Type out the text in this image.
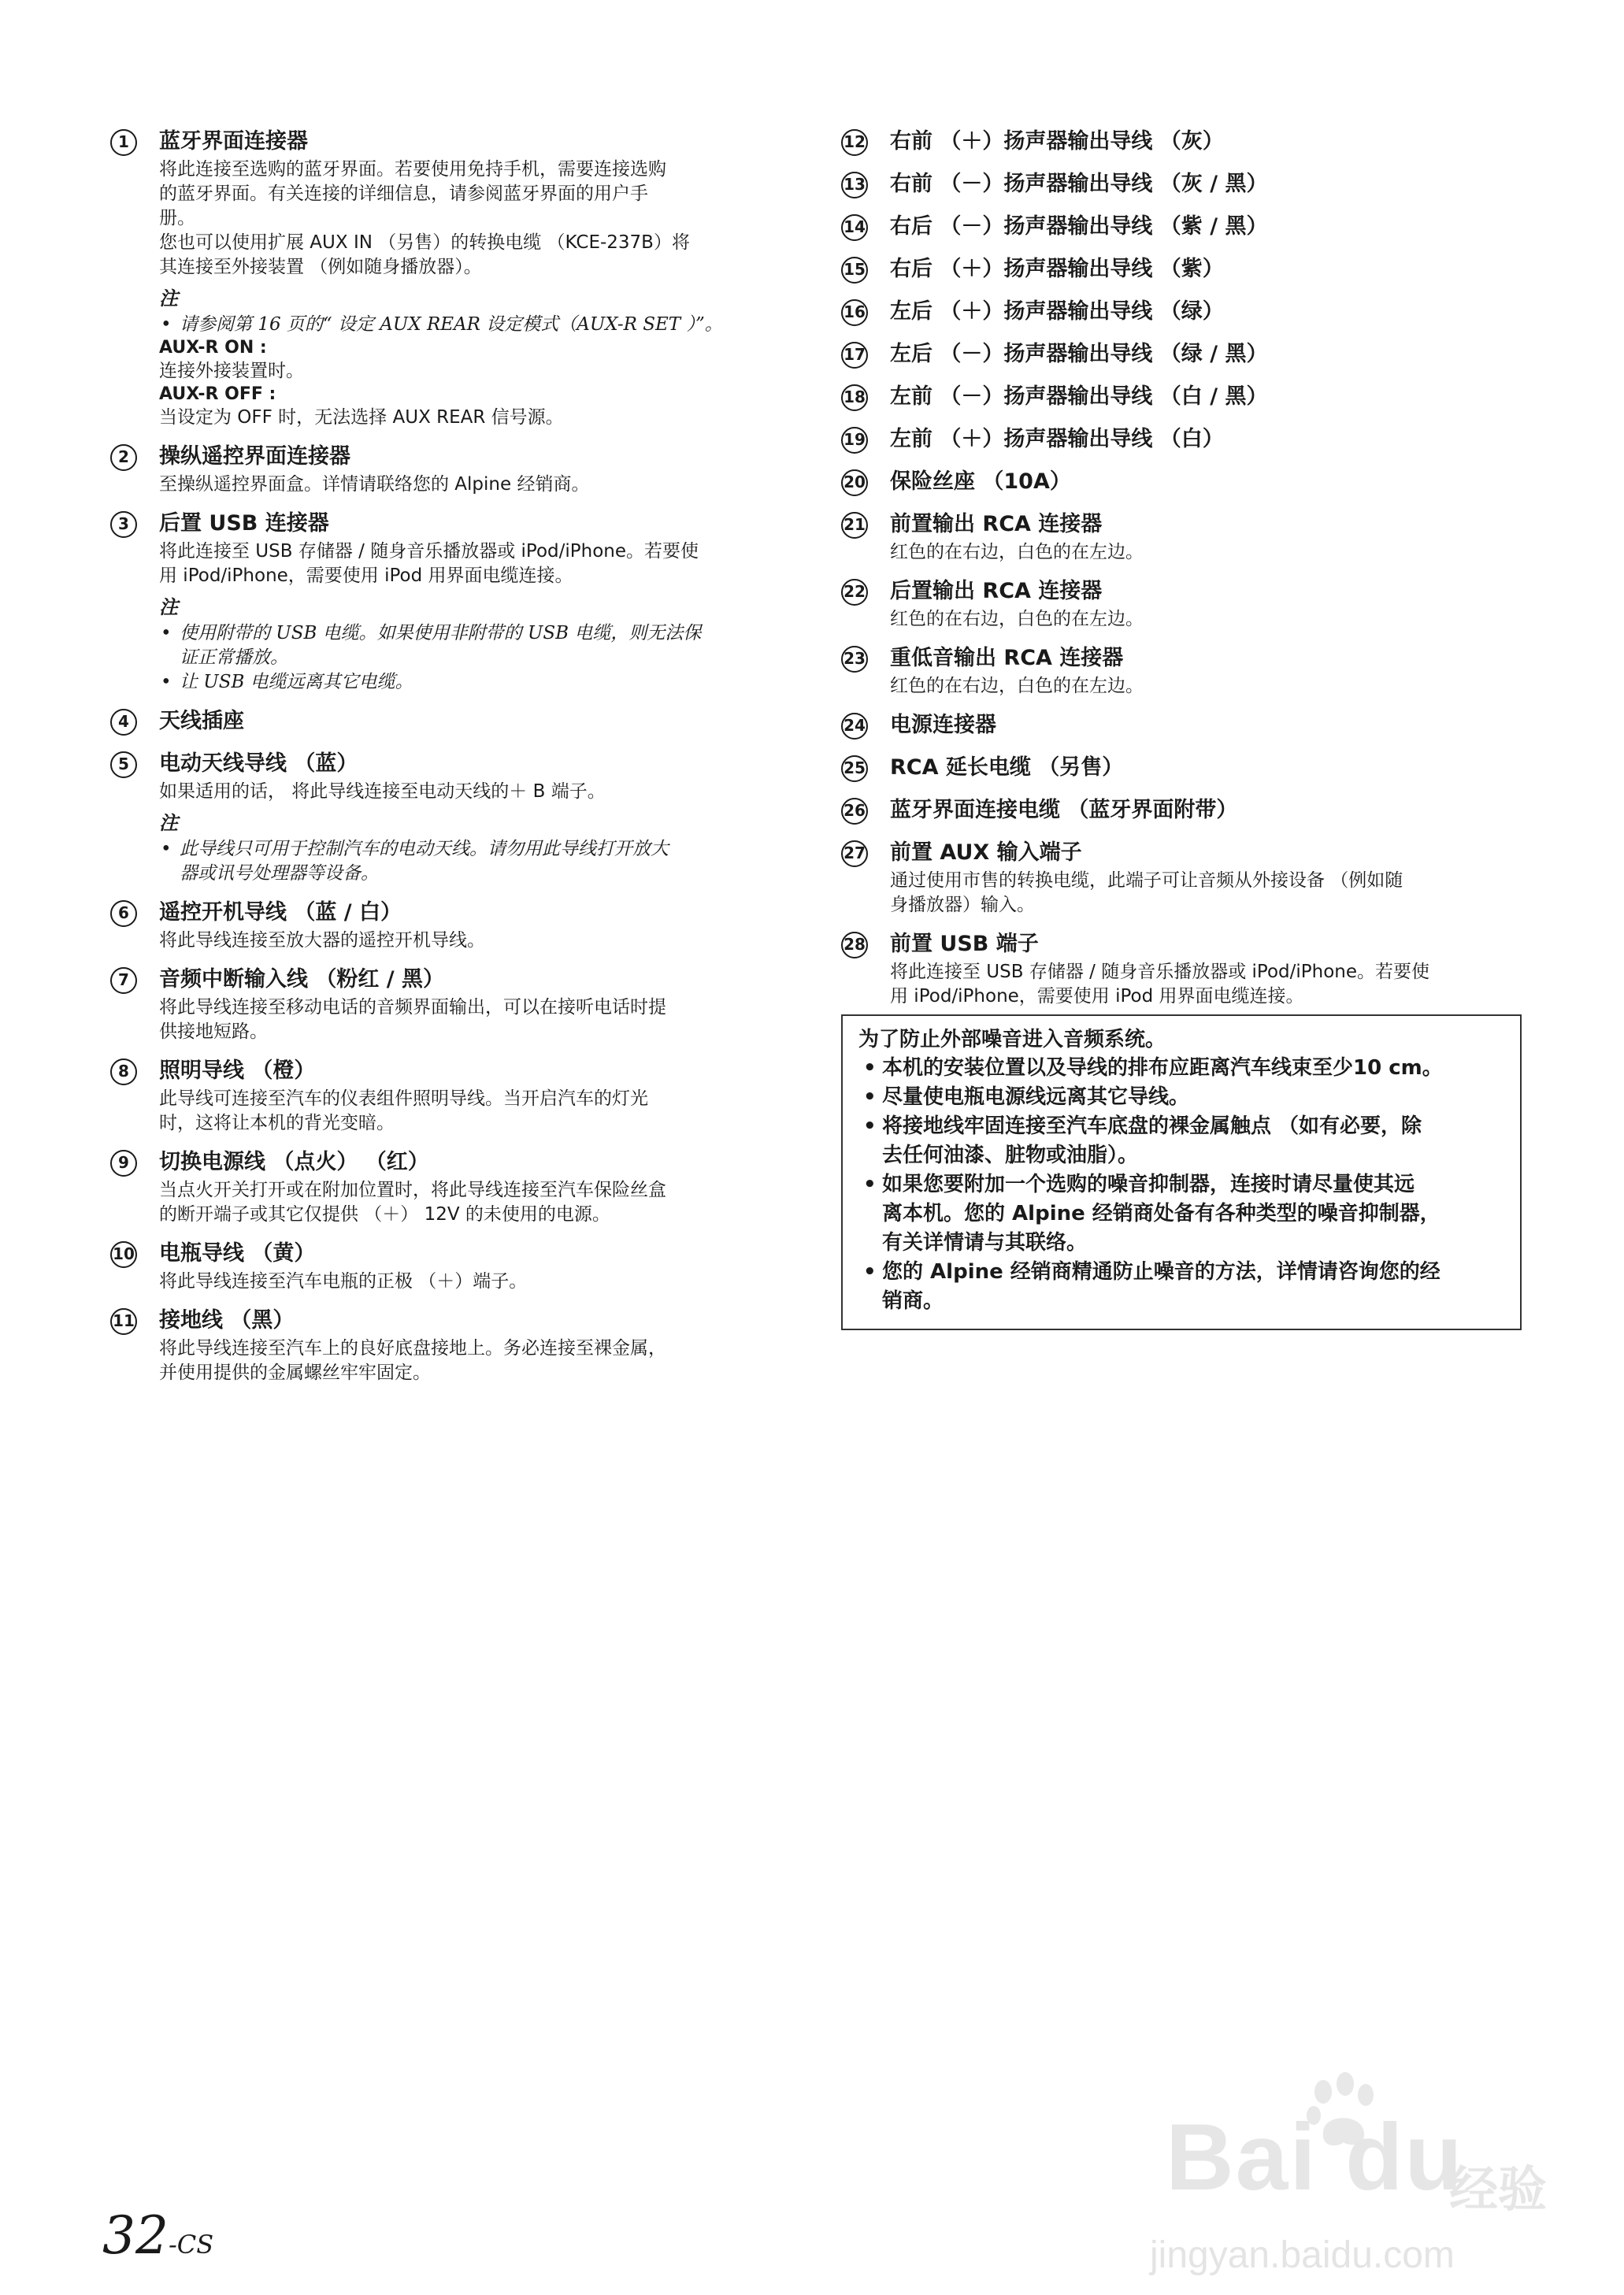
1	蓝牙界面连接器

将此连接至选购的蓝牙界面。若要使用免持手机，需要连接选购

的蓝牙界面。有关连接的详细信息，请参阅蓝牙界面的用户手

册。

您也可以使用扩展 AUX IN （另售）的转换电缆 （KCE-237B）将

其连接至外接装置 （例如随身播放器）。

注

• 请参阅第 16 页的“ 设定 AUX REAR 设定模式（AUX-R SET ）”。

AUX-R ON :
连接外接装置时。
AUX-R OFF :
当设定为 OFF 时，无法选择 AUX REAR 信号源。
2	操纵遥控界面连接器

至操纵遥控界面盒。详情请联络您的 Alpine 经销商。

3	后置 USB 连接器

将此连接至 USB 存储器 / 随身音乐播放器或 iPod/iPhone。若要使

用 iPod/iPhone，需要使用 iPod 用界面电缆连接。

注

• 使用附带的 USB 电缆。如果使用非附带的 USB 电缆，则无法保

证正常播放。

• 让 USB 电缆远离其它电缆。

4	天线插座
5	电动天线导线 （蓝）

如果适用的话， 将此导线连接至电动天线的＋ B 端子。

注

• 此导线只可用于控制汽车的电动天线。请勿用此导线打开放大

器或讯号处理器等设备。

6	遥控开机导线 （蓝 / 白）

将此导线连接至放大器的遥控开机导线。

7	音频中断输入线 （粉红 / 黑）

将此导线连接至移动电话的音频界面输出，可以在接听电话时提

供接地短路。

8	照明导线 （橙）

此导线可连接至汽车的仪表组件照明导线。当开启汽车的灯光

时，这将让本机的背光变暗。

9	切换电源线 （点火） （红）

当点火开关打开或在附加位置时，将此导线连接至汽车保险丝盒

的断开端子或其它仅提供 （＋） 12V 的未使用的电源。

10 电瓶导线 （黄）

将此导线连接至汽车电瓶的正极 （＋）端子。

11 接地线 （黑）

将此导线连接至汽车上的良好底盘接地上。务必连接至裸金属，

并使用提供的金属螺丝牢牢固定。

12 右前 （＋）扬声器输出导线 （灰）
13 右前 （－）扬声器输出导线 （灰 / 黑）
14 右后 （－）扬声器输出导线 （紫 / 黑）
15 右后 （＋）扬声器输出导线 （紫）
16 左后 （＋）扬声器输出导线 （绿）
17 左后 （－）扬声器输出导线 （绿 / 黑）
18 左前 （－）扬声器输出导线 （白 / 黑）
19 左前 （＋）扬声器输出导线 （白）
20 保险丝座 （10A）
21 前置输出 RCA 连接器

红色的在右边，白色的在左边。

22 后置输出 RCA 连接器

红色的在右边，白色的在左边。

23 重低音输出 RCA 连接器

红色的在右边，白色的在左边。

24 电源连接器
25 RCA 延长电缆 （另售）
26 蓝牙界面连接电缆 （蓝牙界面附带）
27 前置 AUX 输入端子

通过使用市售的转换电缆，此端子可让音频从外接设备 （例如随

身播放器）输入。

28 前置 USB 端子

将此连接至 USB 存储器 / 随身音乐播放器或 iPod/iPhone。若要使

用 iPod/iPhone，需要使用 iPod 用界面电缆连接。

为了防止外部噪音进入音频系统。
• 本机的安装位置以及导线的排布应距离汽车线束至少10 cm。
• 尽量使电瓶电源线远离其它导线。
• 将接地线牢固连接至汽车底盘的裸金属触点 （如有必要，除
去任何油漆、脏物或油脂）。
• 如果您要附加一个选购的噪音抑制器，连接时请尽量使其远
离本机。您的 Alpine 经销商处备有各种类型的噪音抑制器，
有关详情请与其联络。
• 您的 Alpine 经销商精通防止噪音的方法，详情请咨询您的经
销商。
32-CS
Bai du
经验
jingyan.baidu.com
